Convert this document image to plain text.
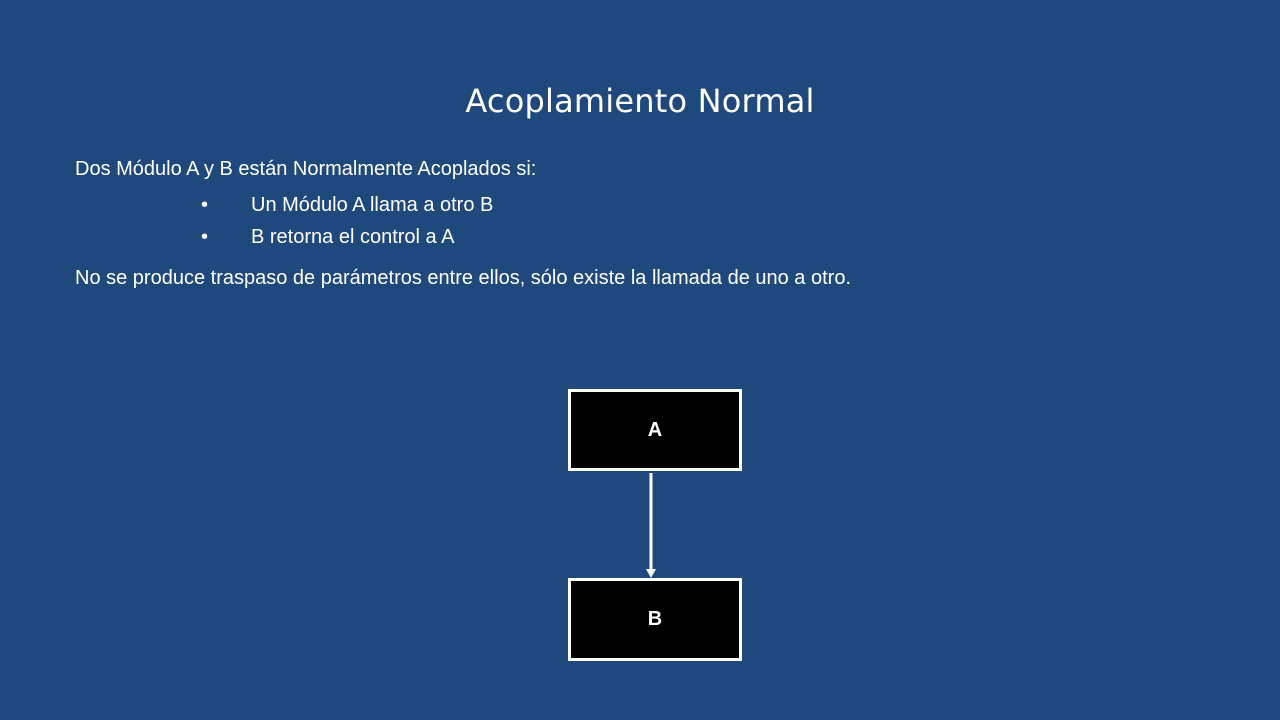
Acoplamiento Normal
Dos Módulo A y B están Normalmente Acoplados si:
• Un Módulo A llama a otro B
• B retorna el control a A
No se produce traspaso de parámetros entre ellos, sólo existe la llamada de uno a otro.
A
B
